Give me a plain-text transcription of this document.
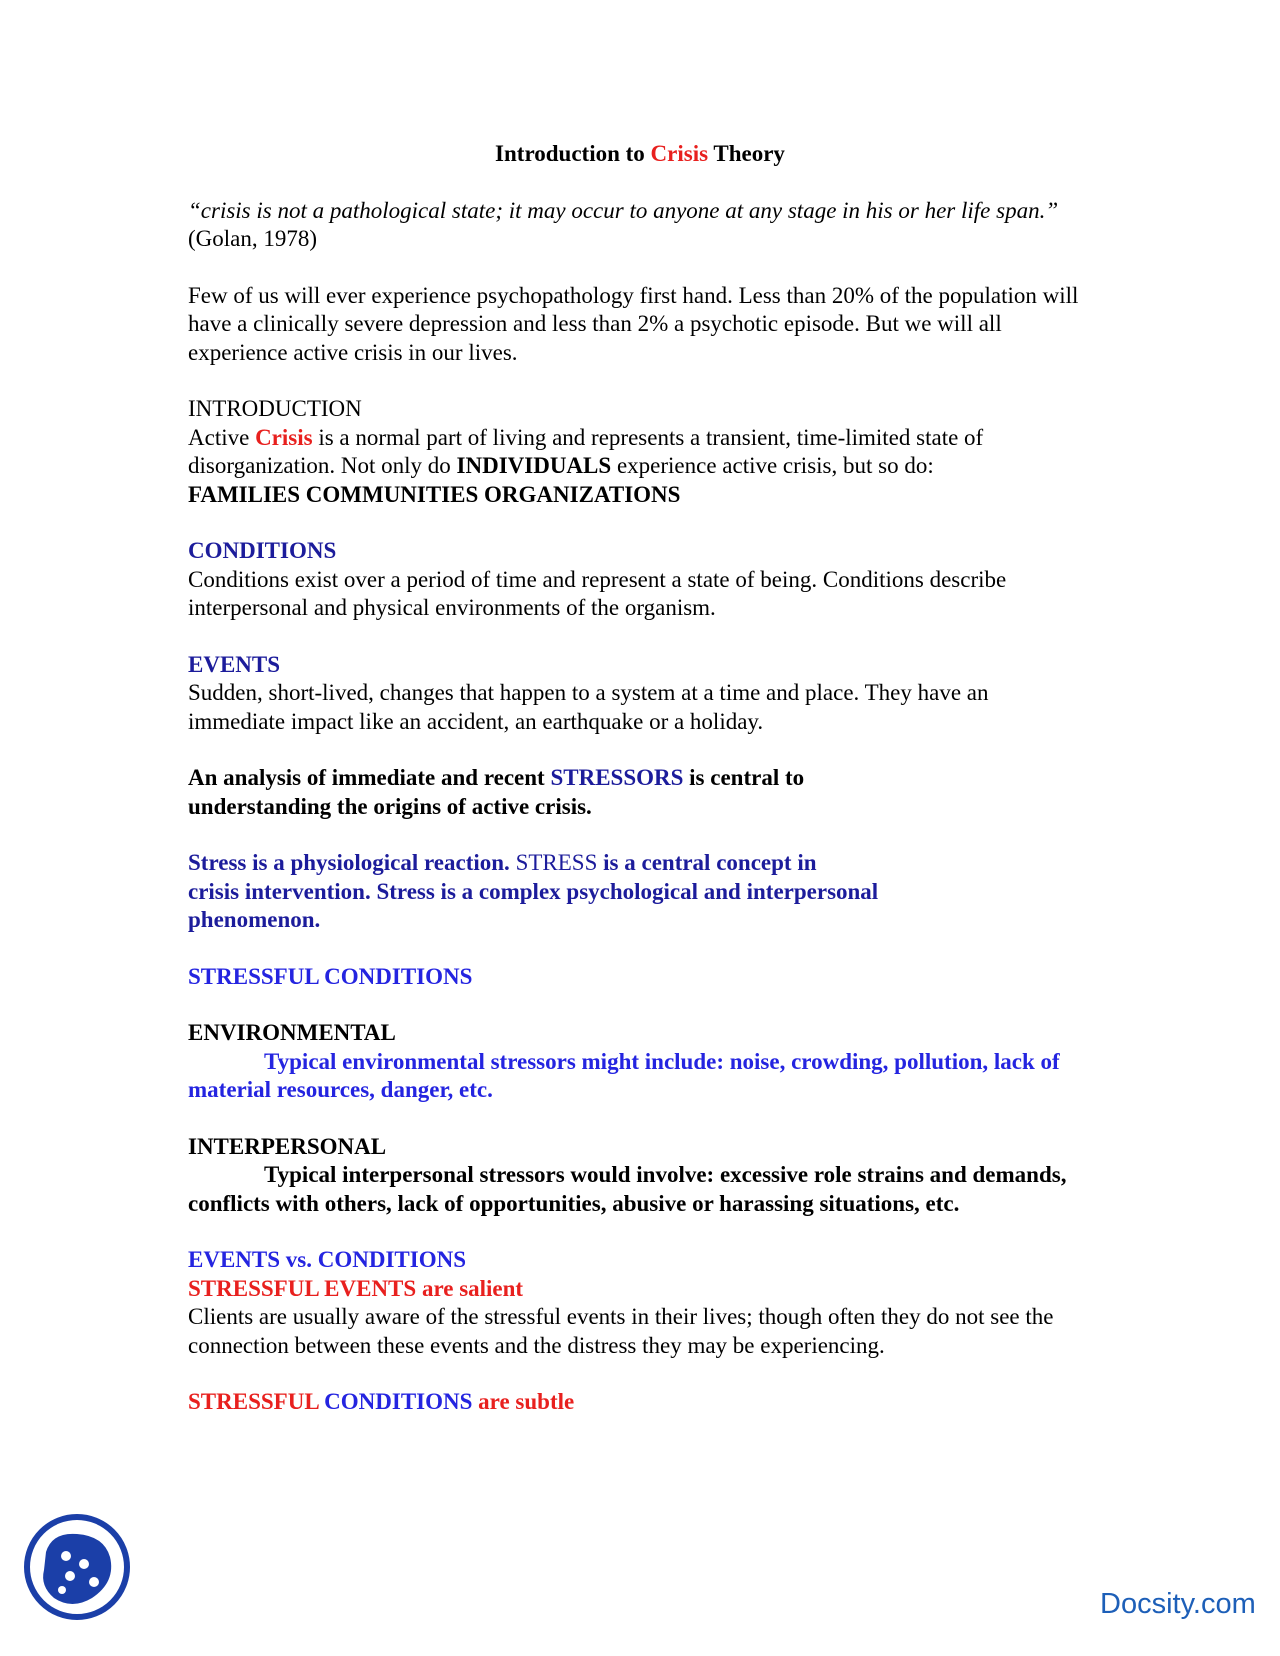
Introduction to Crisis Theory

“crisis is not a pathological state; it may occur to anyone at any stage in his or her life span.” (Golan, 1978)

Few of us will ever experience psychopathology first hand. Less than 20% of the population will have a clinically severe depression and less than 2% a psychotic episode. But we will all experience active crisis in our lives.

INTRODUCTION
Active Crisis is a normal part of living and represents a transient, time-limited state of disorganization. Not only do INDIVIDUALS experience active crisis, but so do:
FAMILIES COMMUNITIES ORGANIZATIONS

CONDITIONS
Conditions exist over a period of time and represent a state of being. Conditions describe interpersonal and physical environments of the organism.

EVENTS
Sudden, short-lived, changes that happen to a system at a time and place. They have an immediate impact like an accident, an earthquake or a holiday.

An analysis of immediate and recent STRESSORS is central to
understanding the origins of active crisis.

Stress is a physiological reaction. STRESS is a central concept in
crisis intervention. Stress is a complex psychological and interpersonal
phenomenon.

STRESSFUL CONDITIONS

ENVIRONMENTAL
Typical environmental stressors might include: noise, crowding, pollution, lack of material resources, danger, etc.

INTERPERSONAL
Typical interpersonal stressors would involve: excessive role strains and demands, conflicts with others, lack of opportunities, abusive or harassing situations, etc.

EVENTS vs. CONDITIONS
STRESSFUL EVENTS are salient
Clients are usually aware of the stressful events in their lives; though often they do not see the connection between these events and the distress they may be experiencing.

STRESSFUL CONDITIONS are subtle

Docsity.com
